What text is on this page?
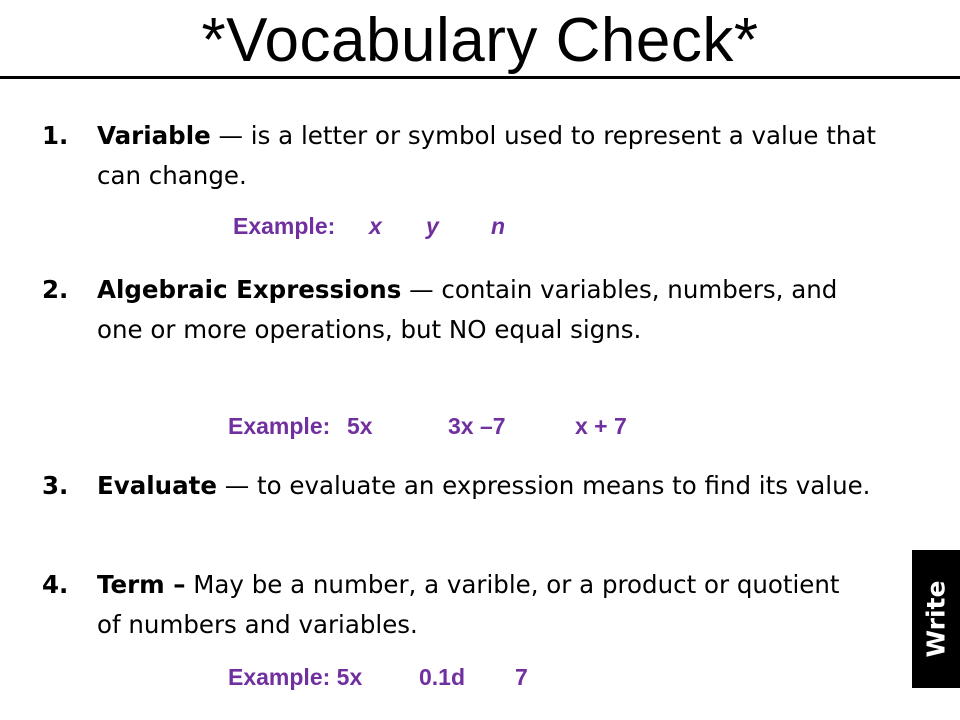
*Vocabulary Check*
1. Variable — is a letter or symbol used to represent a value that can change.
Example: x y n
2. Algebraic Expressions — contain variables, numbers, and one or more operations, but NO equal signs.
Example: 5x	3x –7	x + 7
3. Evaluate — to evaluate an expression means to find its value.
4. Term – May be a number, a varible, or a product or quotient of numbers and variables.
Example: 5x 0.1d 7
Write
